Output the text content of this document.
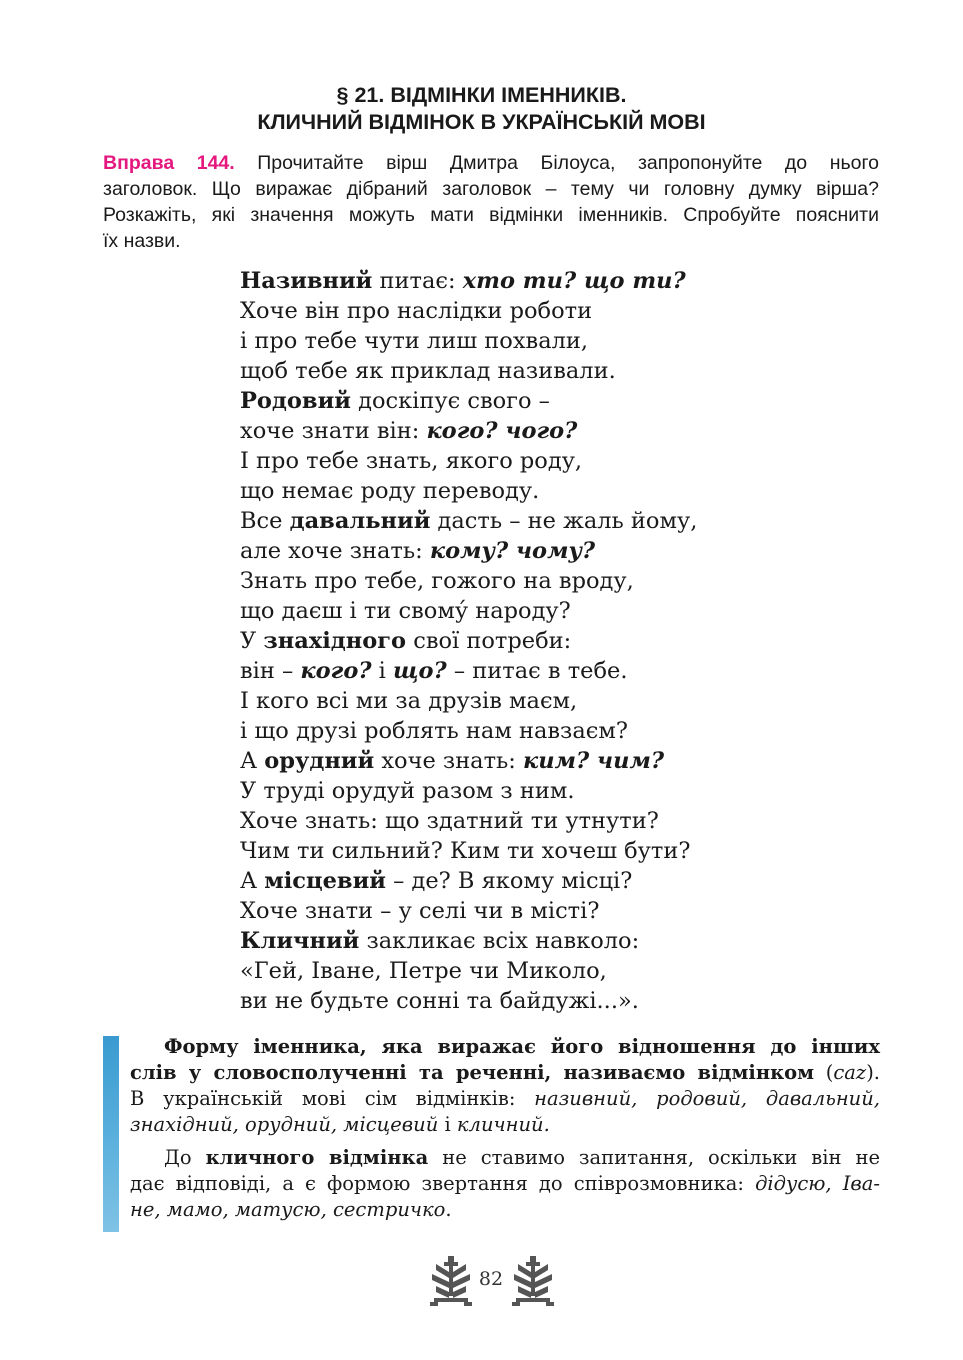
§ 21. ВІДМІНКИ ІМЕННИКІВ.
КЛИЧНИЙ ВІДМІНОК В УКРАЇНСЬКІЙ МОВІ
Вправа 144. Прочитайте вірш Дмитра Білоуса, запропонуйте до нього
заголовок. Що виражає дібраний заголовок – тему чи головну думку вірша?
Розкажіть, які значення можуть мати відмінки іменників. Спробуйте пояснити
їх назви.
Називний питає: хто ти? що ти?
Хоче він про наслідки роботи
і про тебе чути лиш похвали,
щоб тебе як приклад називали.
Родовий доскіпує свого –
хоче знати він: кого? чого?
І про тебе знать, якого роду,
що немає роду переводу.
Все давальний дасть – не жаль йому,
але хоче знать: кому? чому?
Знать про тебе, гожого на вроду,
що даєш і ти свому́ народу?
У знахідного свої потреби:
він – кого? і що? – питає в тебе.
І кого всі ми за друзів маєм,
і що друзі роблять нам навзаєм?
А орудний хоче знать: ким? чим?
У труді орудуй разом з ним.
Хоче знать: що здатний ти утнути?
Чим ти сильний? Ким ти хочеш бути?
А місцевий – де? В якому місці?
Хоче знати – у селі чи в місті?
Кличний закликає всіх навколо:
«Гей, Іване, Петре чи Миколо,
ви не будьте сонні та байдужі...».
Форму іменника, яка виражає його відношення до інших
слів у словосполученні та реченні, називаємо відмінком (caz).
В українській мові сім відмінків: називний, родовий, давальний,
знахідний, орудний, місцевий і кличний.
До кличного відмінка не ставимо запитання, оскільки він не
дає відповіді, а є формою звертання до співрозмовника: дідусю, Іва-
не, мамо, матусю, сестричко.
82
